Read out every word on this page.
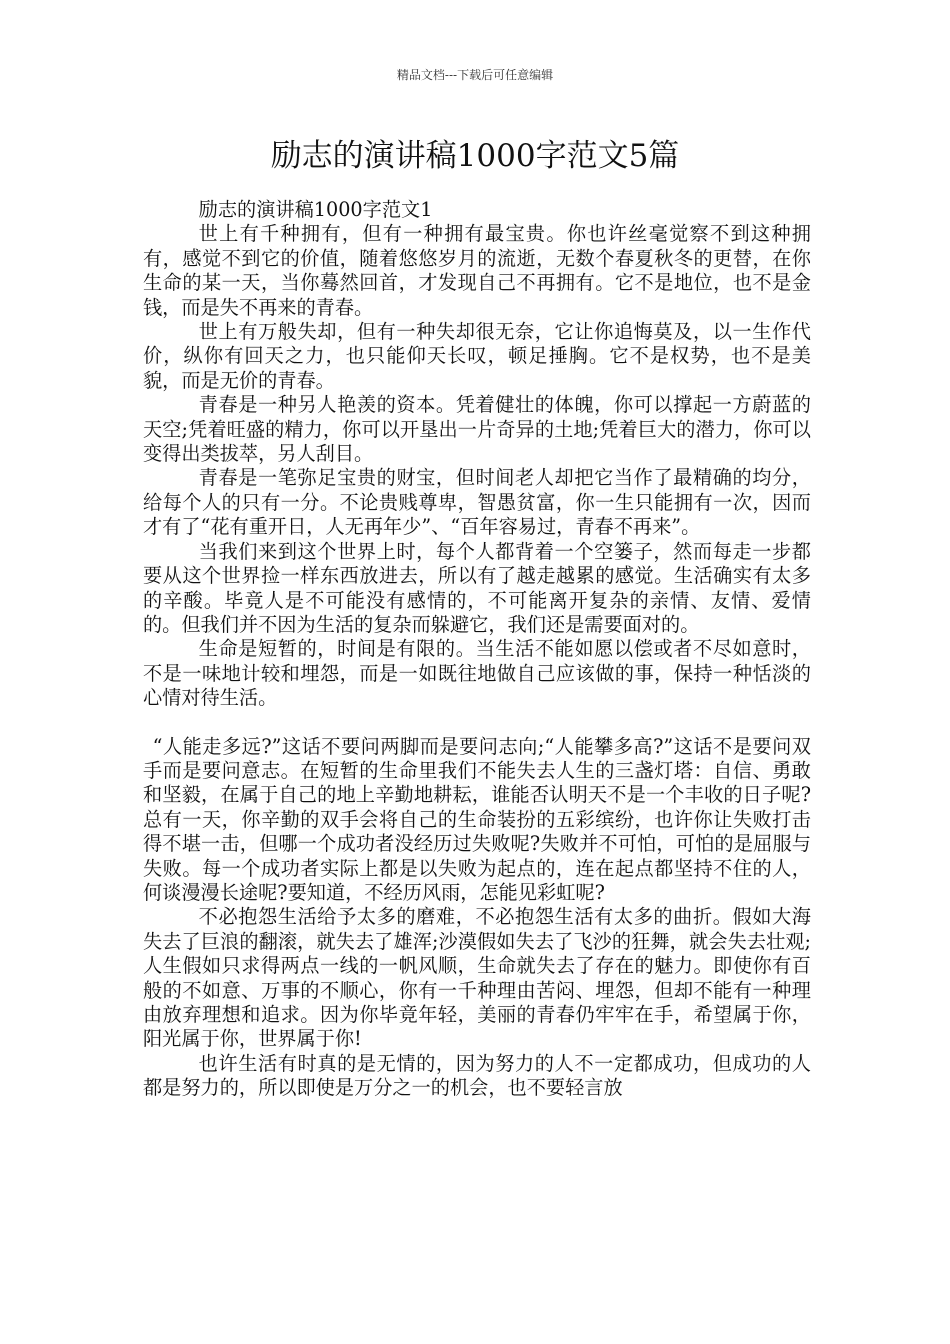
精品文档---下载后可任意编辑
励志的演讲稿1000字范文5篇

励志的演讲稿1000字范文1

世上有千种拥有，但有一种拥有最宝贵。你也许丝毫觉察不到这种拥有，感觉不到它的价值，随着悠悠岁月的流逝，无数个春夏秋冬的更替，在你生命的某一天，当你蓦然回首，才发现自己不再拥有。它不是地位，也不是金钱，而是失不再来的青春。

世上有万般失却，但有一种失却很无奈，它让你追悔莫及，以一生作代价，纵你有回天之力，也只能仰天长叹，顿足捶胸。它不是权势，也不是美貌，而是无价的青春。

青春是一种另人艳羡的资本。凭着健壮的体魄，你可以撑起一方蔚蓝的天空;凭着旺盛的精力，你可以开垦出一片奇异的土地;凭着巨大的潜力，你可以变得出类拔萃，另人刮目。

青春是一笔弥足宝贵的财宝，但时间老人却把它当作了最精确的均分，给每个人的只有一分。不论贵贱尊卑，智愚贫富，你一生只能拥有一次，因而才有了“花有重开日，人无再年少”、“百年容易过，青春不再来”。

当我们来到这个世界上时，每个人都背着一个空篓子，然而每走一步都要从这个世界捡一样东西放进去，所以有了越走越累的感觉。生活确实有太多的辛酸。毕竟人是不可能没有感情的，不可能离开复杂的亲情、友情、爱情的。但我们并不因为生活的复杂而躲避它，我们还是需要面对的。

生命是短暂的，时间是有限的。当生活不能如愿以偿或者不尽如意时，不是一味地计较和埋怨，而是一如既往地做自己应该做的事，保持一种恬淡的心情对待生活。

“人能走多远?”这话不要问两脚而是要问志向;“人能攀多高?”这话不是要问双手而是要问意志。在短暂的生命里我们不能失去人生的三盏灯塔：自信、勇敢和坚毅，在属于自己的地上辛勤地耕耘，谁能否认明天不是一个丰收的日子呢?总有一天，你辛勤的双手会将自己的生命装扮的五彩缤纷，也许你让失败打击得不堪一击，但哪一个成功者没经历过失败呢?失败并不可怕，可怕的是屈服与失败。每一个成功者实际上都是以失败为起点的，连在起点都坚持不住的人，何谈漫漫长途呢?要知道，不经历风雨，怎能见彩虹呢?

不必抱怨生活给予太多的磨难，不必抱怨生活有太多的曲折。假如大海失去了巨浪的翻滚，就失去了雄浑;沙漠假如失去了飞沙的狂舞，就会失去壮观;人生假如只求得两点一线的一帆风顺，生命就失去了存在的魅力。即使你有百般的不如意、万事的不顺心，你有一千种理由苦闷、埋怨，但却不能有一种理由放弃理想和追求。因为你毕竟年轻，美丽的青春仍牢牢在手，希望属于你，阳光属于你，世界属于你!

也许生活有时真的是无情的，因为努力的人不一定都成功，但成功的人都是努力的，所以即使是万分之一的机会，也不要轻言放
